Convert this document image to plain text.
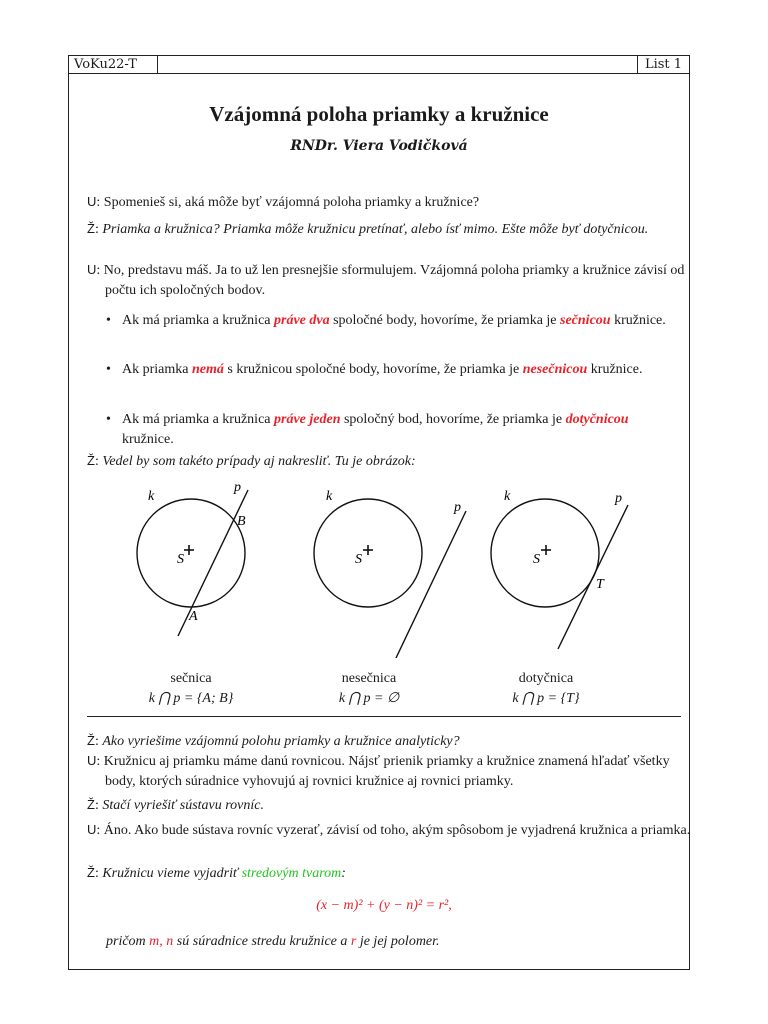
VoKu22-T	List 1
Vzájomná poloha priamky a kružnice
RNDr. Viera Vodičková
U: Spomenieš si, aká môže byť vzájomná poloha priamky a kružnice?
Ž: Priamka a kružnica? Priamka môže kružnicu pretínať, alebo ísť mimo. Ešte môže byť dotyčnicou.
U: No, predstavu máš. Ja to už len presnejšie sformulujem. Vzájomná poloha priamky a kružnice závisí od počtu ich spoločných bodov.
• Ak má priamka a kružnica práve dva spoločné body, hovoríme, že priamka je sečnicou kružnice.
• Ak priamka nemá s kružnicou spoločné body, hovoríme, že priamka je nesečnicou kružnice.
• Ak má priamka a kružnica práve jeden spoločný bod, hovoríme, že priamka je dotyčnicou kružnice.
Ž: Vedel by som takéto prípady aj nakresliť. Tu je obrázok:
k
p
S
B
A
k
p
S
k	p
S
T
sečnica
k ⋂ p = {A; B}
nesečnica
k ⋂ p = ∅
dotyčnica
k ⋂ p = {T}
Ž: Ako vyriešime vzájomnú polohu priamky a kružnice analyticky?
U: Kružnicu aj priamku máme danú rovnicou. Nájsť prienik priamky a kružnice znamená hľadať všetky body, ktorých súradnice vyhovujú aj rovnici kružnice aj rovnici priamky.
Ž: Stačí vyriešiť sústavu rovníc.
U: Áno. Ako bude sústava rovníc vyzerať, závisí od toho, akým spôsobom je vyjadrená kružnica a priamka.
Ž: Kružnicu vieme vyjadriť stredovým tvarom:
(x − m)² + (y − n)² = r²,
pričom m, n sú súradnice stredu kružnice a r je jej polomer.
